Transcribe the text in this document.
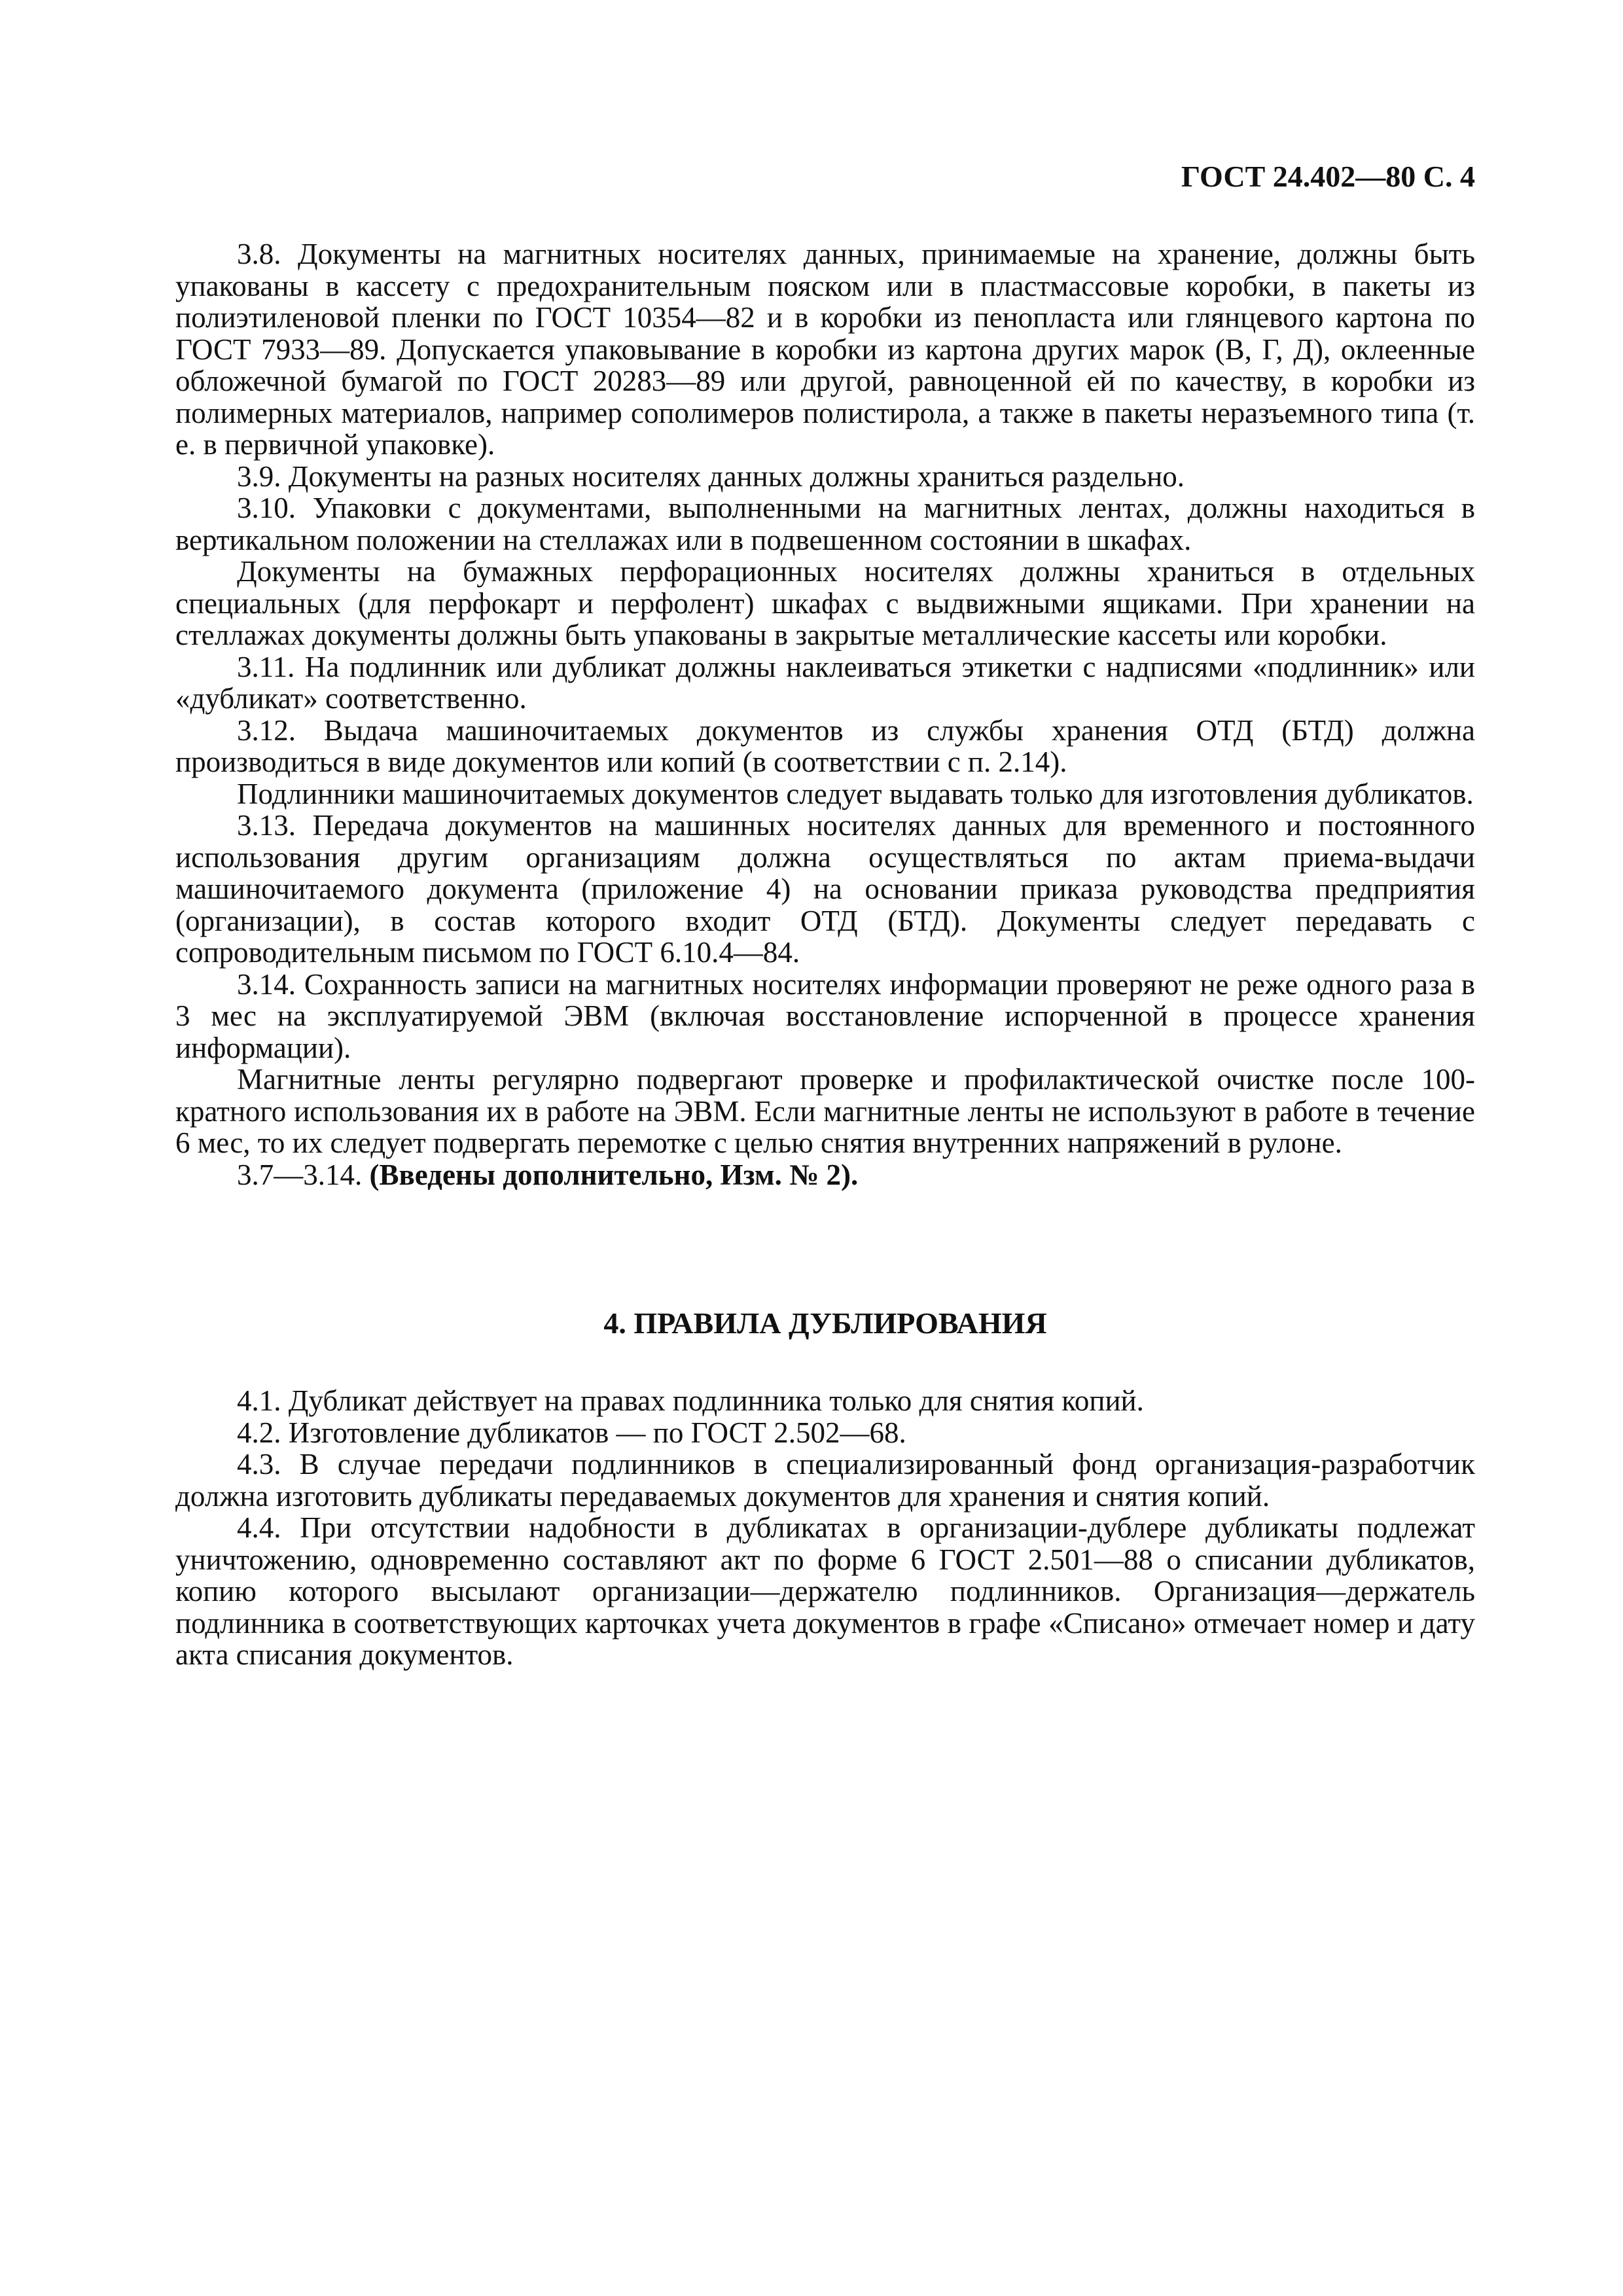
ГОСТ 24.402—80 С. 4

3.8. Документы на магнитных носителях данных, принимаемые на хранение, должны быть упакованы в кассету с предохранительным пояском или в пластмассовые коробки, в пакеты из полиэтиленовой пленки по ГОСТ 10354—82 и в коробки из пенопласта или глянцевого картона по ГОСТ 7933—89. Допускается упаковывание в коробки из картона других марок (В, Г, Д), оклеенные обложечной бумагой по ГОСТ 20283—89 или другой, равноценной ей по качеству, в коробки из полимерных материалов, например сополимеров полистирола, а также в пакеты неразъемного типа (т. е. в первичной упаковке).

3.9. Документы на разных носителях данных должны храниться раздельно.

3.10. Упаковки с документами, выполненными на магнитных лентах, должны находиться в вертикальном положении на стеллажах или в подвешенном состоянии в шкафах.

Документы на бумажных перфорационных носителях должны храниться в отдельных специальных (для перфокарт и перфолент) шкафах с выдвижными ящиками. При хранении на стеллажах документы должны быть упакованы в закрытые металлические кассеты или коробки.

3.11. На подлинник или дубликат должны наклеиваться этикетки с надписями «подлинник» или «дубликат» соответственно.

3.12. Выдача машиночитаемых документов из службы хранения ОТД (БТД) должна производиться в виде документов или копий (в соответствии с п. 2.14).

Подлинники машиночитаемых документов следует выдавать только для изготовления дубликатов.

3.13. Передача документов на машинных носителях данных для временного и постоянного использования другим организациям должна осуществляться по актам приема-выдачи машиночитаемого документа (приложение 4) на основании приказа руководства предприятия (организации), в состав которого входит ОТД (БТД). Документы следует передавать с сопроводительным письмом по ГОСТ 6.10.4—84.

3.14. Сохранность записи на магнитных носителях информации проверяют не реже одного раза в 3 мес на эксплуатируемой ЭВМ (включая восстановление испорченной в процессе хранения информации).

Магнитные ленты регулярно подвергают проверке и профилактической очистке после 100-кратного использования их в работе на ЭВМ. Если магнитные ленты не используют в работе в течение 6 мес, то их следует подвергать перемотке с целью снятия внутренних напряжений в рулоне.

3.7—3.14. (Введены дополнительно, Изм. № 2).

4. ПРАВИЛА ДУБЛИРОВАНИЯ

4.1. Дубликат действует на правах подлинника только для снятия копий.

4.2. Изготовление дубликатов — по ГОСТ 2.502—68.

4.3. В случае передачи подлинников в специализированный фонд организация-разработчик должна изготовить дубликаты передаваемых документов для хранения и снятия копий.

4.4. При отсутствии надобности в дубликатах в организации-дублере дубликаты подлежат уничтожению, одновременно составляют акт по форме 6 ГОСТ 2.501—88 о списании дубликатов, копию которого высылают организации—держателю подлинников. Организация—держатель подлинника в соответствующих карточках учета документов в графе «Списано» отмечает номер и дату акта списания документов.
